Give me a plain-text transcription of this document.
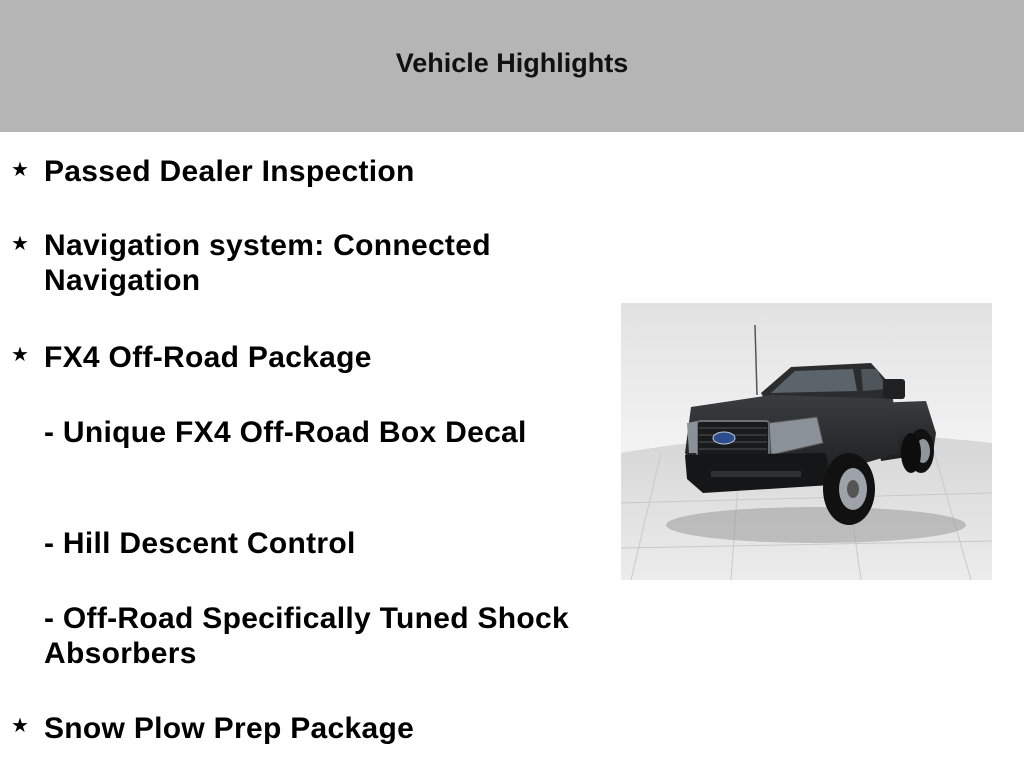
Vehicle Highlights
★ Passed Dealer Inspection
★ Navigation system: Connected Navigation
★ FX4 Off-Road Package
- Unique FX4 Off-Road Box Decal
- Hill Descent Control
- Off-Road Specifically Tuned Shock Absorbers
★ Snow Plow Prep Package
